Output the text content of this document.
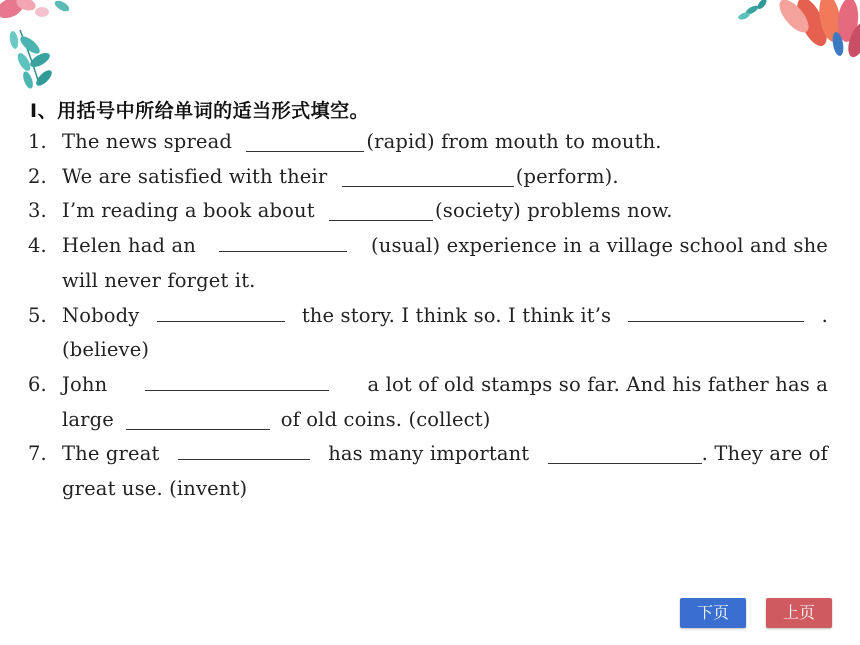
Ⅰ、用括号中所给单词的适当形式填空。
1. The news spread	(rapid) from mouth to mouth.
2. We are satisfied with their	(perform).
3. I’m reading a book about	(society) problems now.
4. Helen had an	(usual) experience in a village school and she
will never forget it.
5. Nobody	the story. I think so. I think it’s	.
(believe)
6. John	a lot of old stamps so far. And his father has a
large	of old coins. (collect)
7. The great	has many important	. They are of
great use. (invent)
下页	上页
